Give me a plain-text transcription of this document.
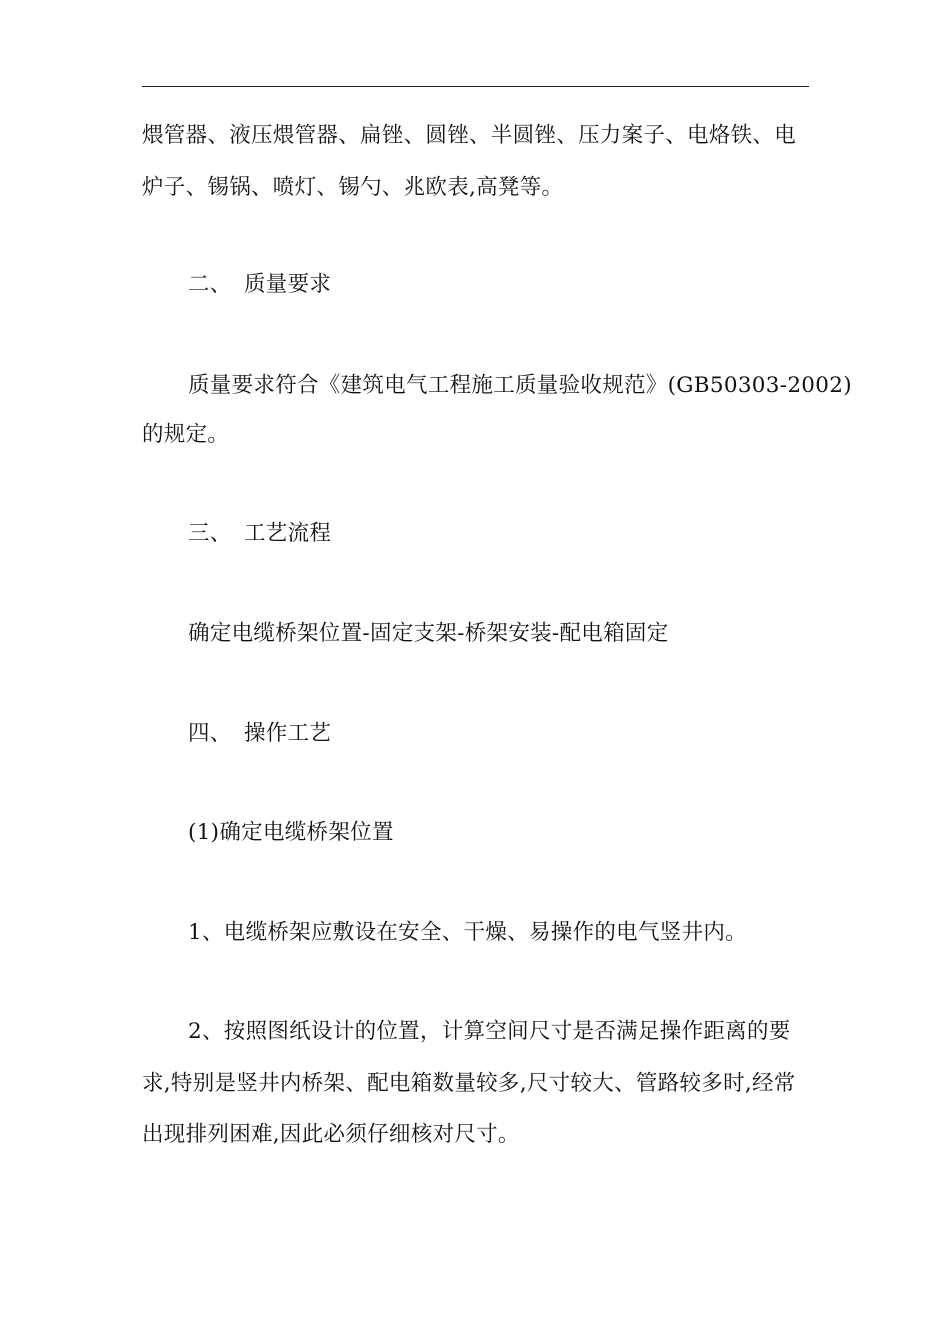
煨管器、液压煨管器、扁锉、圆锉、半圆锉、压力案子、电烙铁、电
炉子、锡锅、喷灯、锡勺、兆欧表,高凳等。
二、 质量要求
质量要求符合《建筑电气工程施工质量验收规范》(GB50303-2002)
的规定。
三、 工艺流程
确定电缆桥架位置-固定支架-桥架安装-配电箱固定
四、 操作工艺
(1)确定电缆桥架位置
1、电缆桥架应敷设在安全、干燥、易操作的电气竖井内。
2、按照图纸设计的位置，计算空间尺寸是否满足操作距离的要
求,特别是竖井内桥架、配电箱数量较多,尺寸较大、管路较多时,经常
出现排列困难,因此必须仔细核对尺寸。
